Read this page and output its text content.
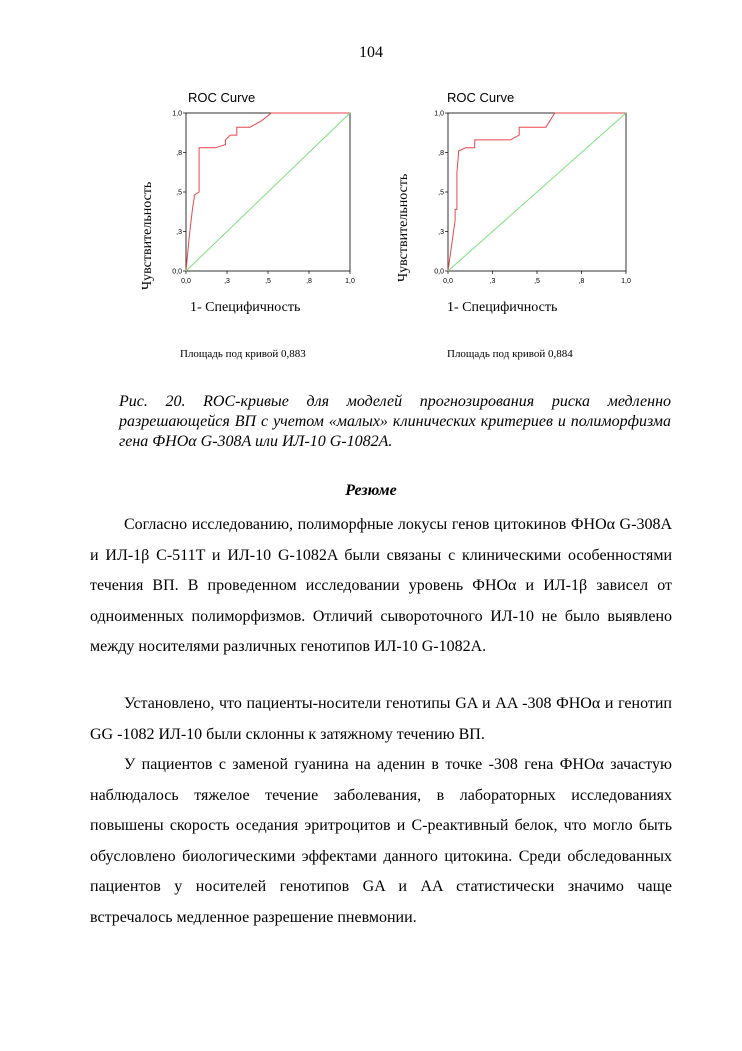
104
ROC Curve
Чувствительность 0,0
0,0
,3
,3
,5
,5
,8
,8
1,0
1,0
1- Специфичность
Площадь под кривой 0,883
ROC Curve
Чувствительность	0,0
0,0
,3
,3
,5
,5
,8
,8
1,0
1,0
1- Специфичность
Площадь под кривой 0,884
Рис. 20. ROC-кривые для моделей прогнозирования риска медленно разрешающейся ВП с учетом «малых» клинических критериев и полиморфизма гена ФНОα G-308A или ИЛ-10 G-1082A.
Резюме
Согласно исследованию, полиморфные локусы генов цитокинов ФНОα G-308A и ИЛ-1β C-511T и ИЛ-10 G-1082A были связаны с клиническими особенностями течения ВП. В проведенном исследовании уровень ФНОα и ИЛ-1β зависел от одноименных полиморфизмов. Отличий сывороточного ИЛ-10 не было выявлено между носителями различных генотипов ИЛ-10 G-1082A.
Установлено, что пациенты-носители генотипы GA и AA -308 ФНОα и генотип GG -1082 ИЛ-10 были склонны к затяжному течению ВП.
У пациентов с заменой гуанина на аденин в точке -308 гена ФНОα зачастую наблюдалось тяжелое течение заболевания, в лабораторных исследованиях повышены скорость оседания эритроцитов и С-реактивный белок, что могло быть обусловлено биологическими эффектами данного цитокина. Среди обследованных пациентов у носителей генотипов GA и AA статистически значимо чаще встречалось медленное разрешение пневмонии.
